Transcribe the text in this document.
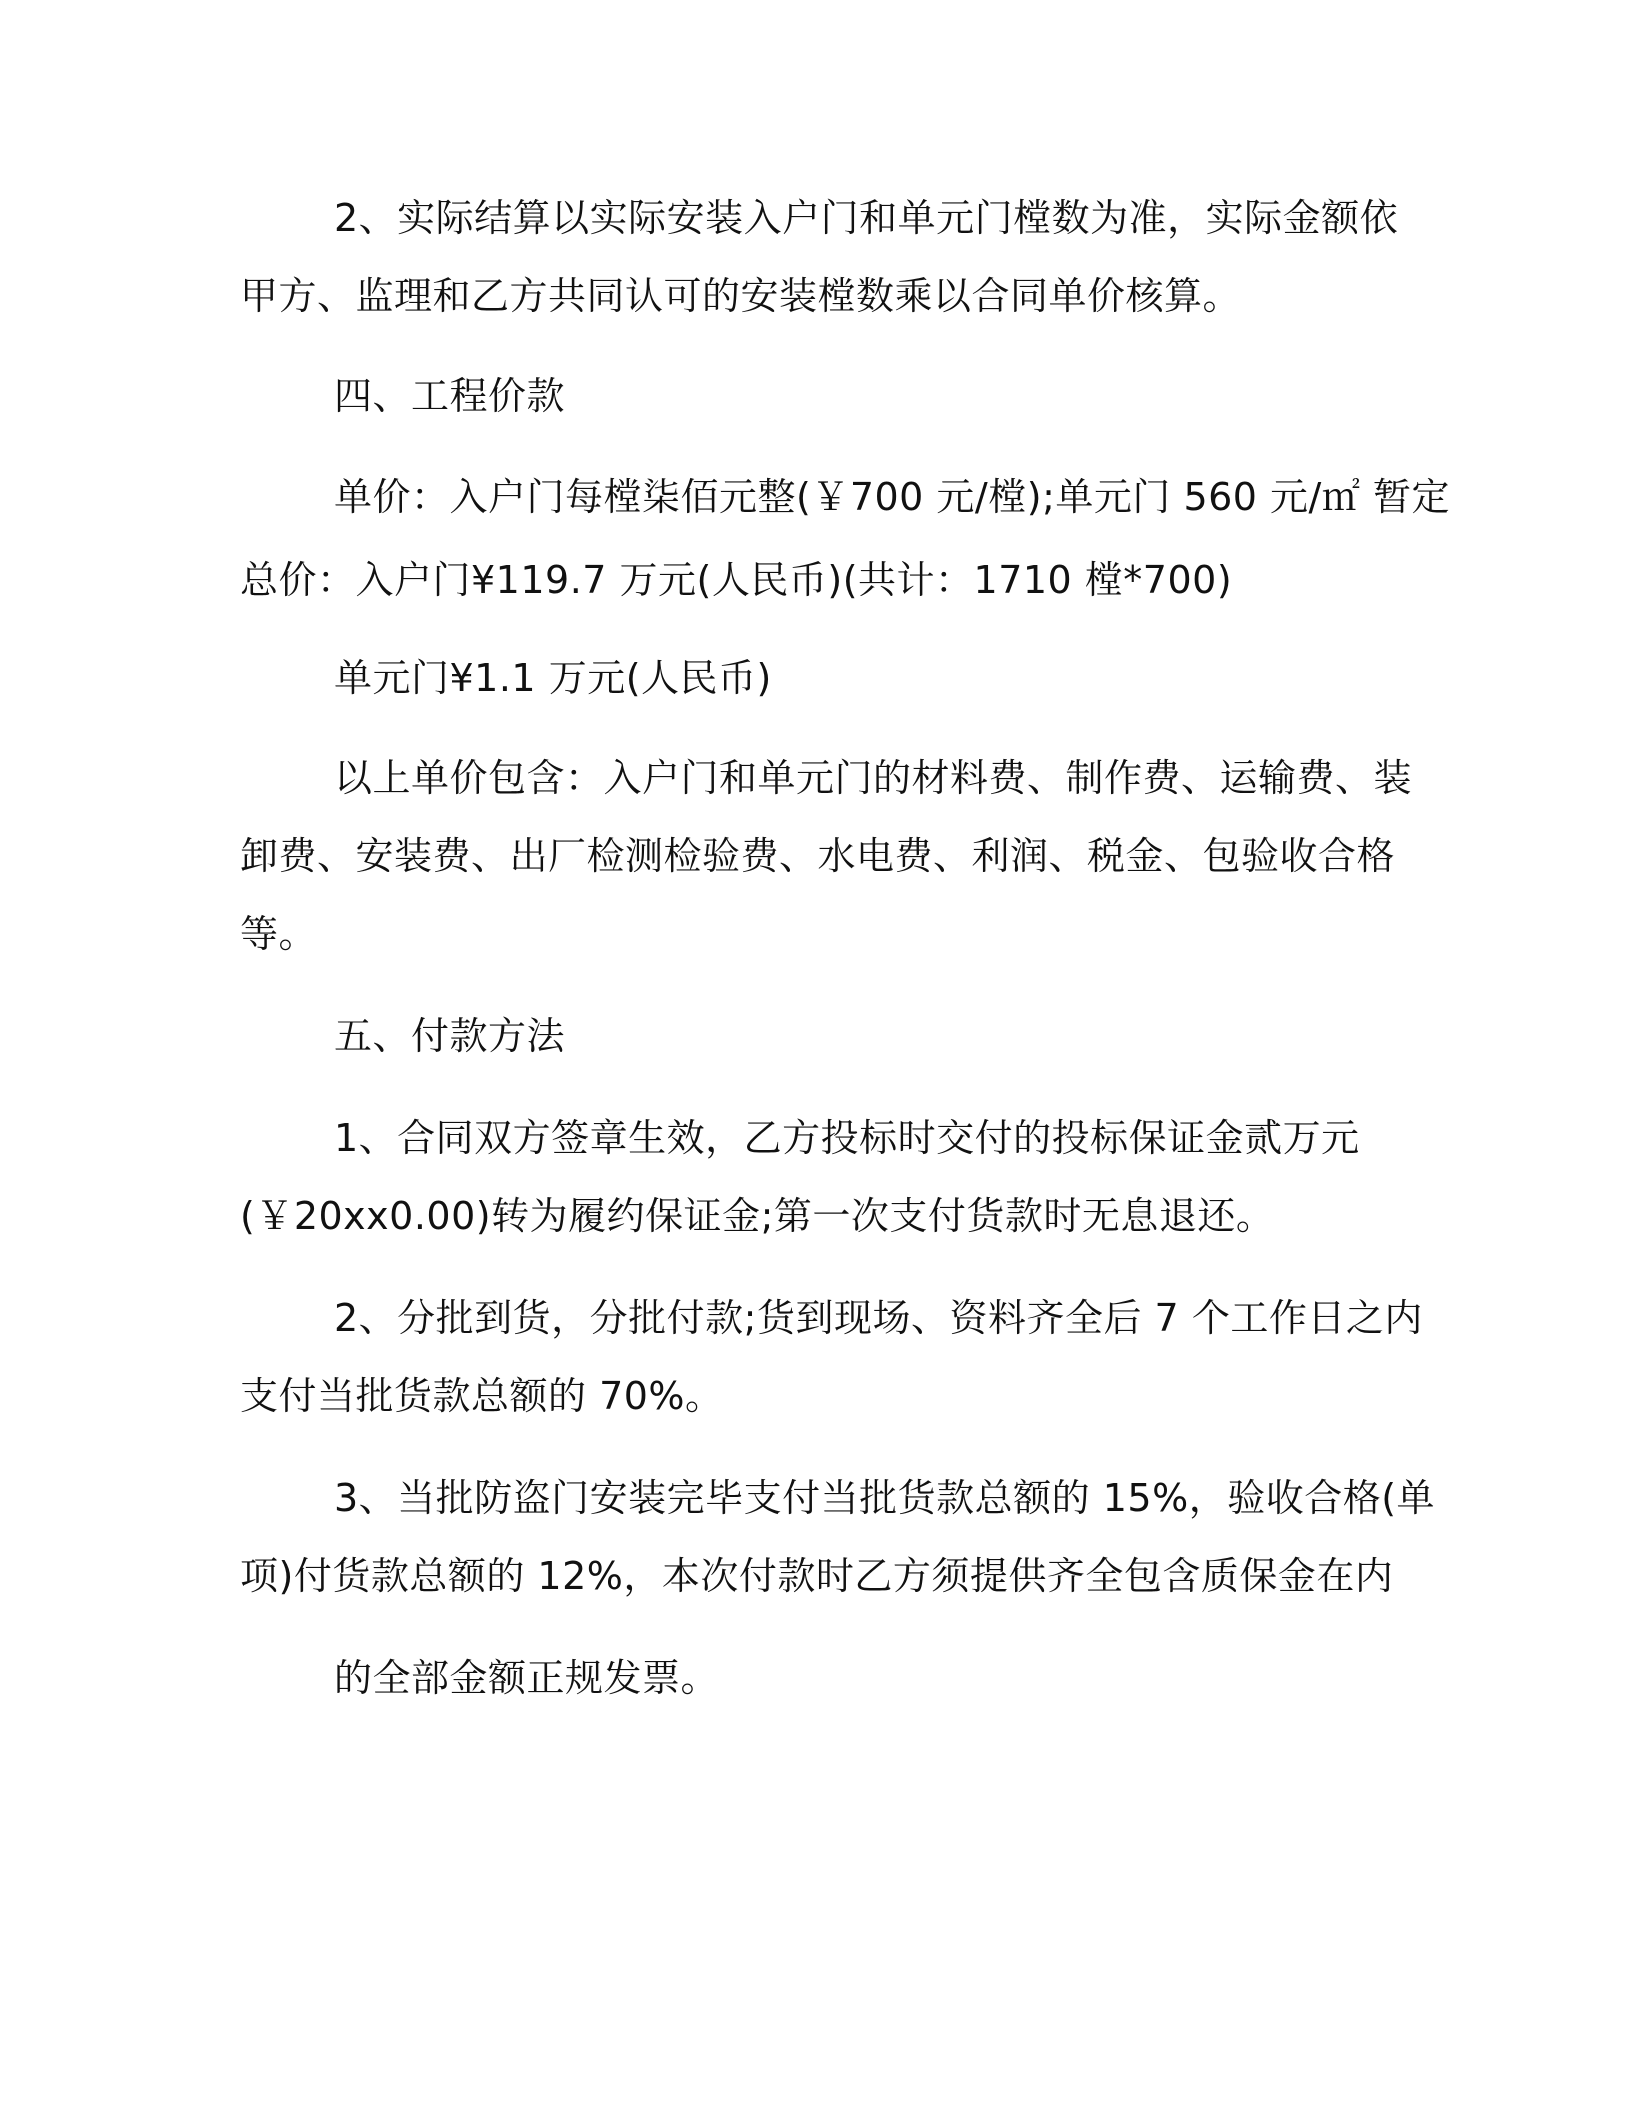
2、实际结算以实际安装入户门和单元门樘数为准，实际金额依
甲方、监理和乙方共同认可的安装樘数乘以合同单价核算。
四、工程价款
单价：入户门每樘柒佰元整(￥700 元/樘);单元门 560 元/㎡ 暂定
总价：入户门¥119.7 万元(人民币)(共计：1710 樘*700)
单元门¥1.1 万元(人民币)
以上单价包含：入户门和单元门的材料费、制作费、运输费、装
卸费、安装费、出厂检测检验费、水电费、利润、税金、包验收合格
等。
五、付款方法
1、合同双方签章生效，乙方投标时交付的投标保证金贰万元
(￥20xx0.00)转为履约保证金;第一次支付货款时无息退还。
2、分批到货，分批付款;货到现场、资料齐全后 7 个工作日之内
支付当批货款总额的 70%。
3、当批防盗门安装完毕支付当批货款总额的 15%，验收合格(单
项)付货款总额的 12%，本次付款时乙方须提供齐全包含质保金在内
的全部金额正规发票。
